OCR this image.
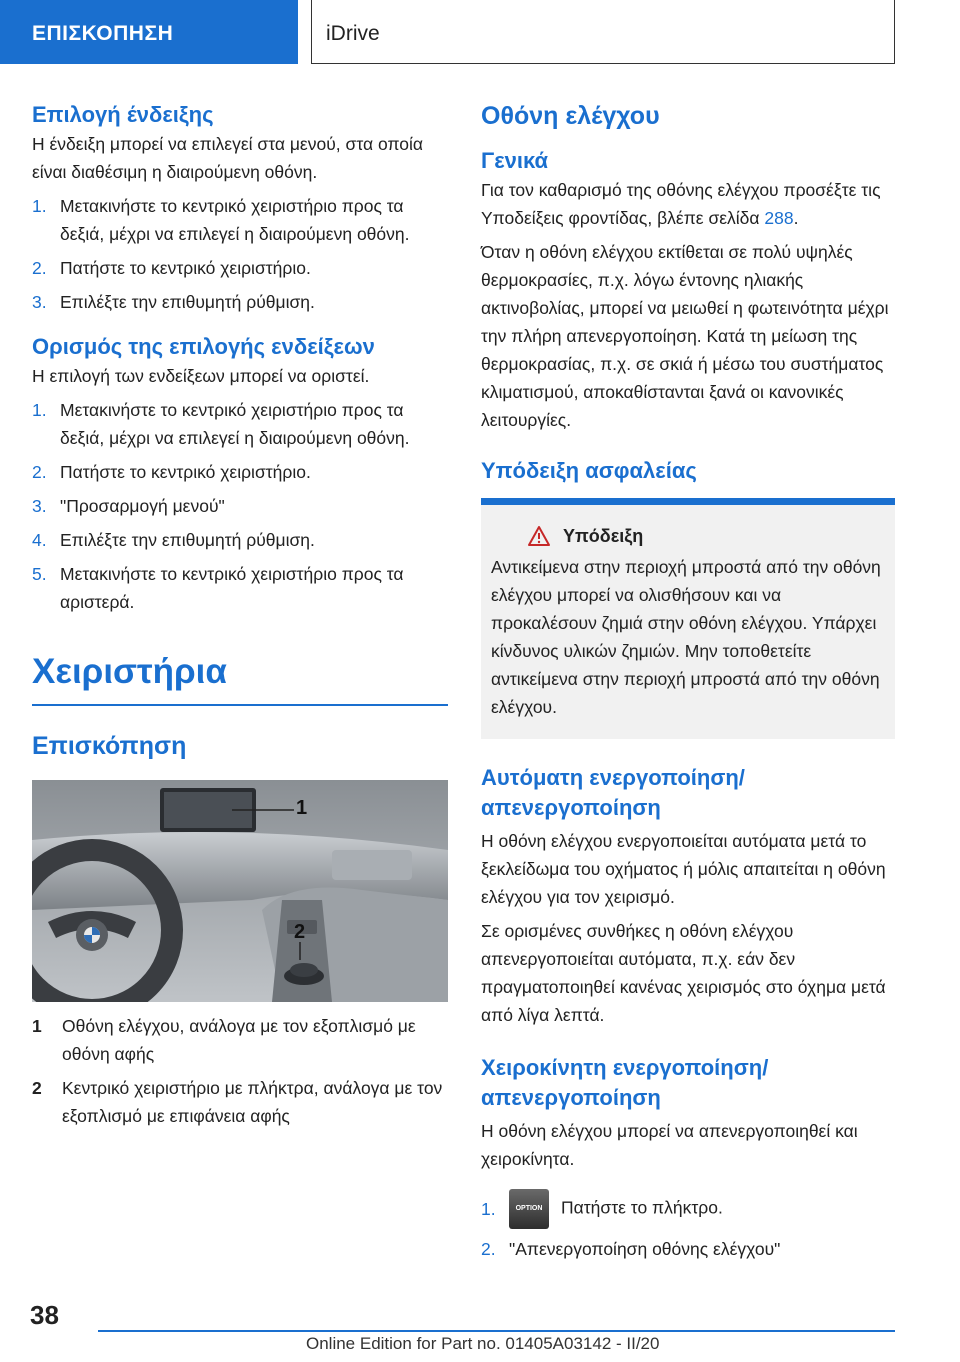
ΕΠΙΣΚΟΠΗΣΗ	iDrive
Επιλογή ένδειξης
Η ένδειξη μπορεί να επιλεγεί στα μενού, στα οποία είναι διαθέσιμη η διαιρούμενη οθόνη.
1. Μετακινήστε το κεντρικό χειριστήριο προς τα δεξιά, μέχρι να επιλεγεί η διαιρούμενη οθόνη.
2. Πατήστε το κεντρικό χειριστήριο.
3. Επιλέξτε την επιθυμητή ρύθμιση.
Ορισμός της επιλογής ενδείξεων
Η επιλογή των ενδείξεων μπορεί να οριστεί.
1. Μετακινήστε το κεντρικό χειριστήριο προς τα δεξιά, μέχρι να επιλεγεί η διαιρούμενη οθόνη.
2. Πατήστε το κεντρικό χειριστήριο.
3. "Προσαρμογή μενού"
4. Επιλέξτε την επιθυμητή ρύθμιση.
5. Μετακινήστε το κεντρικό χειριστήριο προς τα αριστερά.
Χειριστήρια
Επισκόπηση
1
2
1	Οθόνη ελέγχου, ανάλογα με τον εξοπλισμό με οθόνη αφής
2	Κεντρικό χειριστήριο με πλήκτρα, ανάλογα με τον εξοπλισμό με επιφάνεια αφής
Οθόνη ελέγχου
Γενικά
Για τον καθαρισμό της οθόνης ελέγχου προσέξτε τις Υποδείξεις φροντίδας, βλέπε σελίδα 288.
Όταν η οθόνη ελέγχου εκτίθεται σε πολύ υψηλές θερμοκρασίες, π.χ. λόγω έντονης ηλιακής ακτινοβολίας, μπορεί να μειωθεί η φωτεινότητα μέχρι την πλήρη απενεργοποίηση. Κατά τη μείωση της θερμοκρασίας, π.χ. σε σκιά ή μέσω του συστήματος κλιματισμού, αποκαθίστανται ξανά οι κανονικές λειτουργίες.
Υπόδειξη ασφαλείας
Υπόδειξη
Αντικείμενα στην περιοχή μπροστά από την οθόνη ελέγχου μπορεί να ολισθήσουν και να προκαλέσουν ζημιά στην οθόνη ελέγχου. Υπάρχει κίνδυνος υλικών ζημιών. Μην τοποθετείτε αντικείμενα στην περιοχή μπροστά από την οθόνη ελέγχου.
Αυτόματη ενεργοποίηση/απενεργοποίηση
Η οθόνη ελέγχου ενεργοποιείται αυτόματα μετά το ξεκλείδωμα του οχήματος ή μόλις απαιτείται η οθόνη ελέγχου για τον χειρισμό.
Σε ορισμένες συνθήκες η οθόνη ελέγχου απενεργοποιείται αυτόματα, π.χ. εάν δεν πραγματοποιηθεί κανένας χειρισμός στο όχημα μετά από λίγα λεπτά.
Χειροκίνητη ενεργοποίηση/απενεργοποίηση
Η οθόνη ελέγχου μπορεί να απενεργοποιηθεί και χειροκίνητα.
1.	OPTION Πατήστε το πλήκτρο.
2. "Απενεργοποίηση οθόνης ελέγχου"
38
Online Edition for Part no. 01405A03142 - II/20
